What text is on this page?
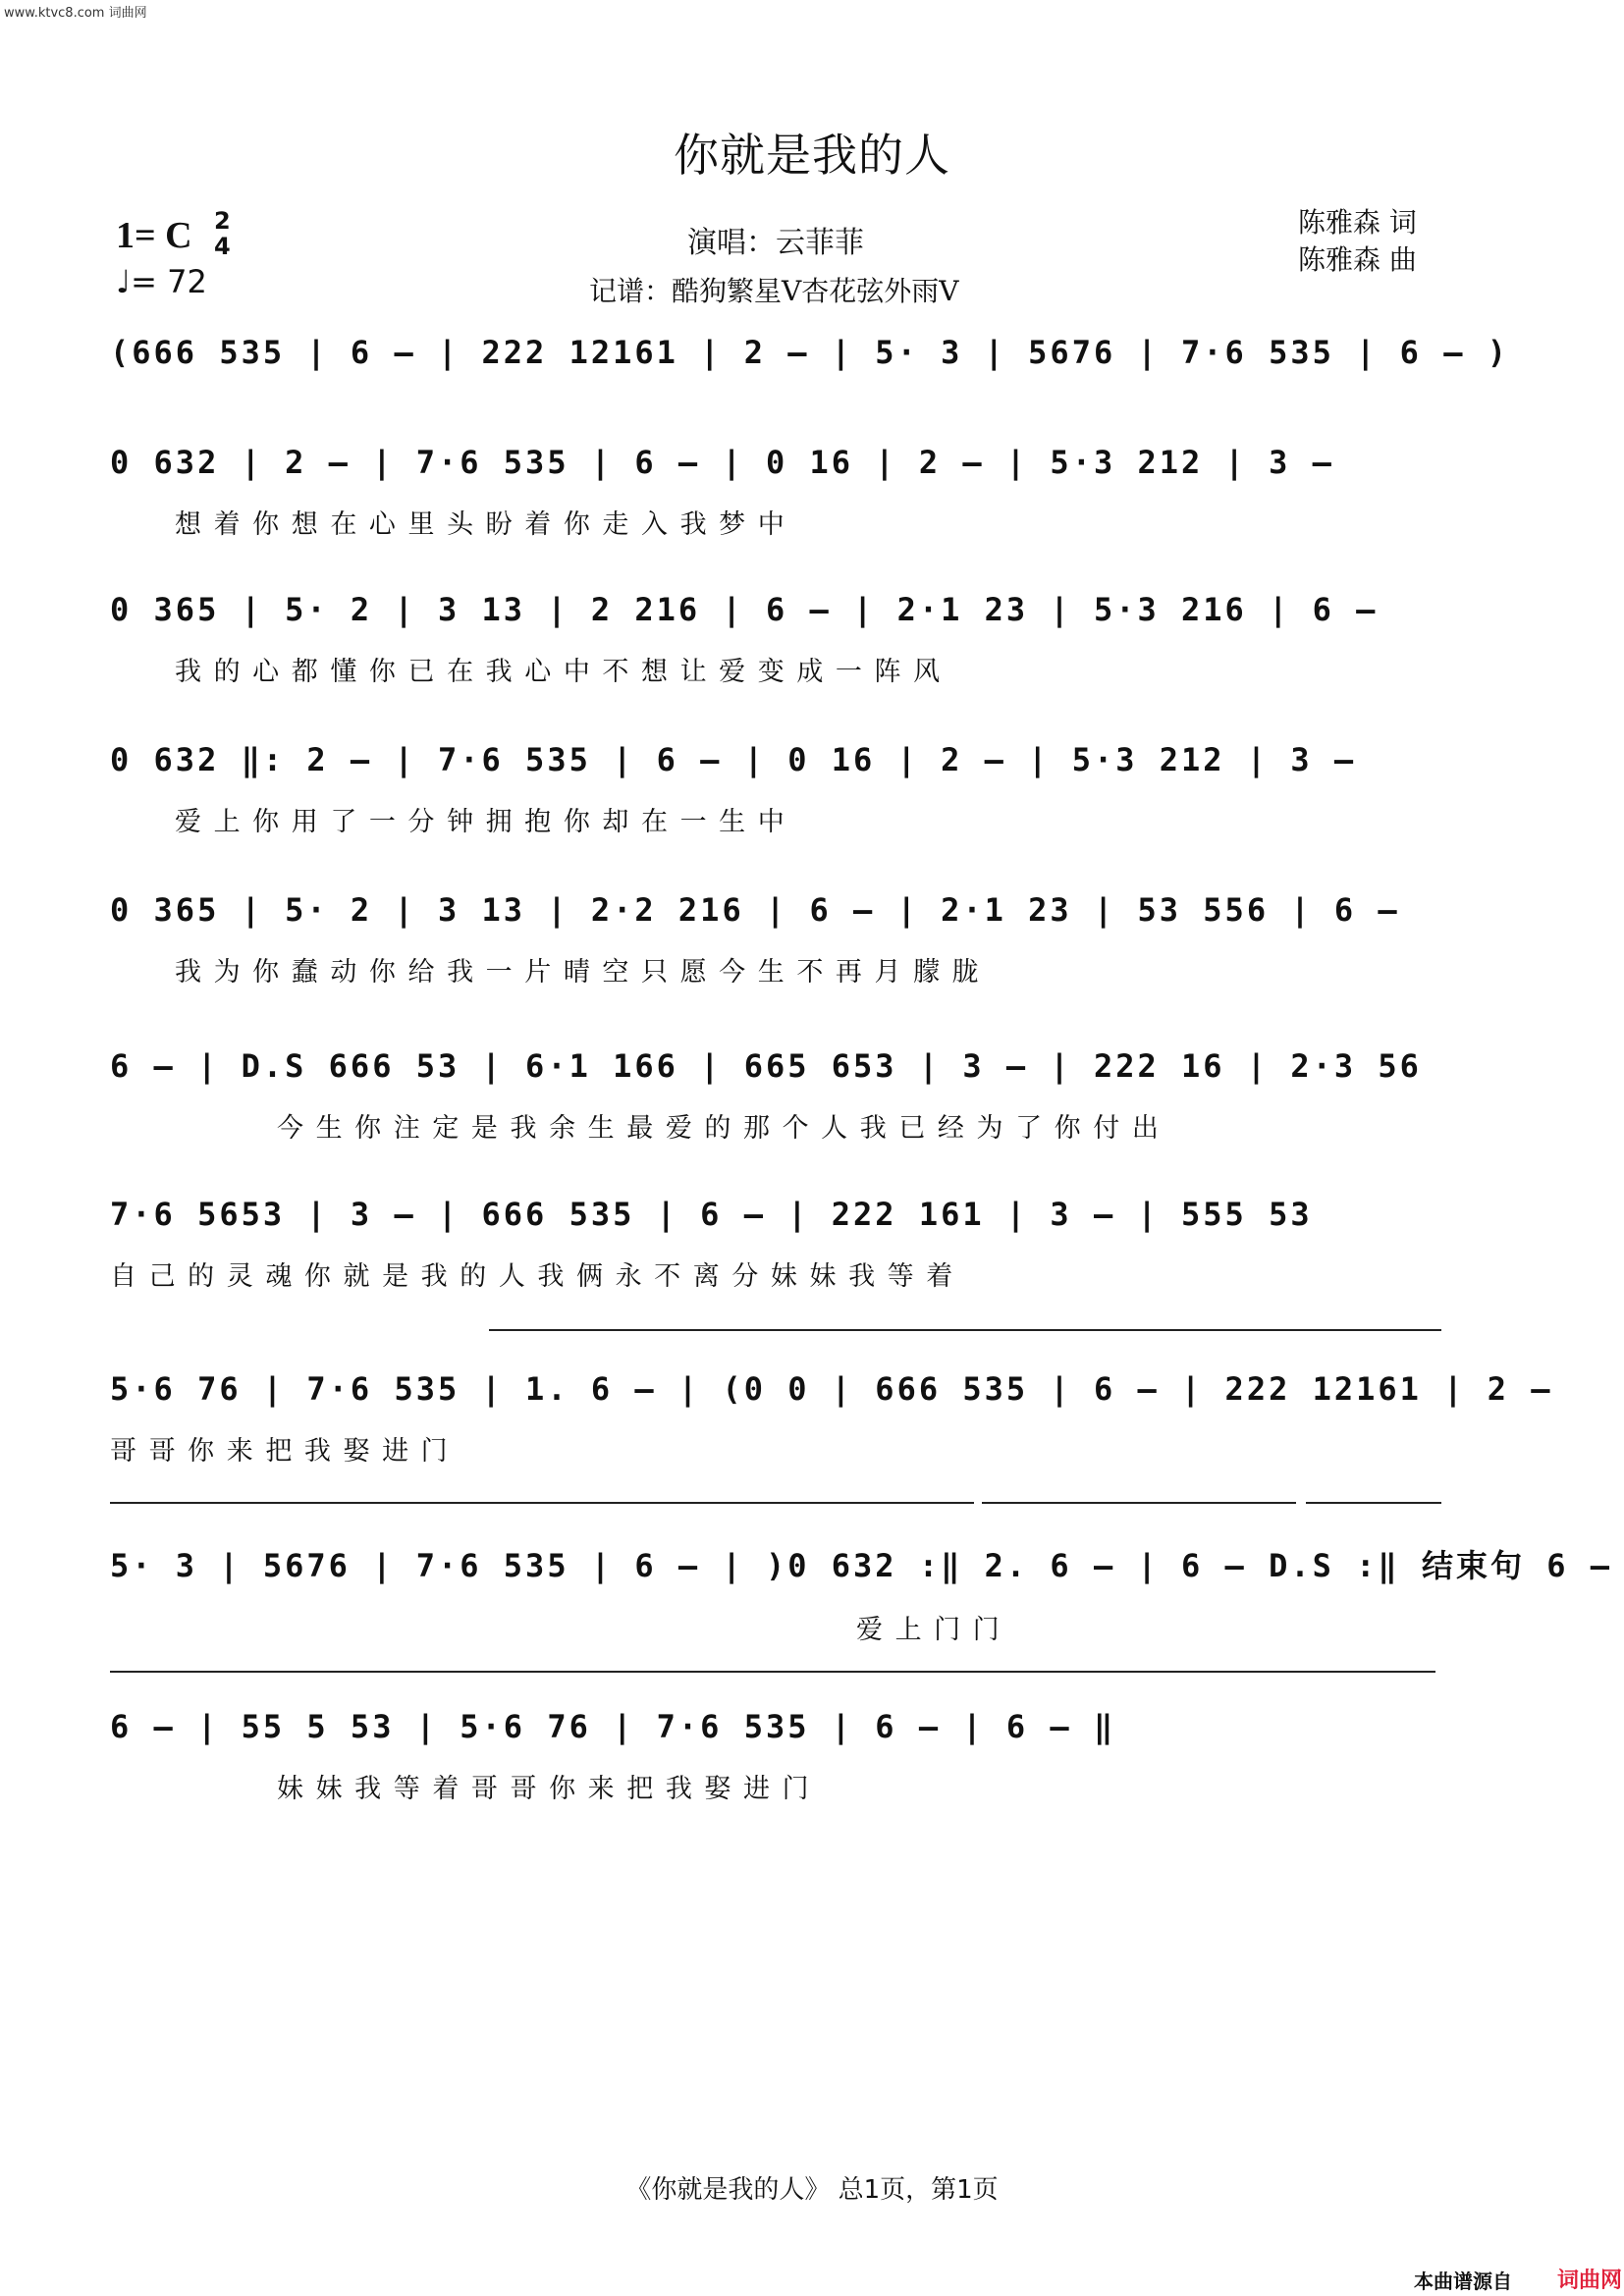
www.ktvc8.com 词曲网
你就是我的人
1= C 2
4
♩= 72
演唱：云菲菲
记谱：酷狗繁星V杏花弦外雨V
陈雅森 词
陈雅森 曲
(666 535 | 6 – | 222 12161 | 2 – | 5· 3 | 5676 | 7·6 535 | 6 – )
0 632 | 2 – | 7·6 535 | 6 – | 0 16 | 2 – | 5·3 212 | 3 –
想 着 你 想 在 心 里 头 盼 着 你 走 入 我 梦 中
0 365 | 5· 2 | 3 13 | 2 216 | 6 – | 2·1 23 | 5·3 216 | 6 –
我 的 心 都 懂 你 已 在 我 心 中 不 想 让 爱 变 成 一 阵 风
0 632 ‖: 2 – | 7·6 535 | 6 – | 0 16 | 2 – | 5·3 212 | 3 –
爱 上 你 用 了 一 分 钟 拥 抱 你 却 在 一 生 中
0 365 | 5· 2 | 3 13 | 2·2 216 | 6 – | 2·1 23 | 53 556 | 6 –
我 为 你 蠢 动 你 给 我 一 片 晴 空 只 愿 今 生 不 再 月 朦 胧
6 – | D.S 666 53 | 6·1 166 | 665 653 | 3 – | 222 16 | 2·3 56
今 生 你 注 定 是 我 余 生 最 爱 的 那 个 人 我 已 经 为 了 你 付 出
7·6 5653 | 3 – | 666 535 | 6 – | 222 161 | 3 – | 555 53
自 己 的 灵 魂 你 就 是 我 的 人 我 俩 永 不 离 分 妹 妹 我 等 着
5·6 76 | 7·6 535 | 1. 6 – | (0 0 | 666 535 | 6 – | 222 12161 | 2 –
哥 哥 你 来 把 我 娶 进 门
5· 3 | 5676 | 7·6 535 | 6 – | )0 632 :‖ 2. 6 – | 6 – D.S :‖ 结束句 6 –
爱 上 门 门
6 – | 55 5 53 | 5·6 76 | 7·6 535 | 6 – | 6 – ‖
妹 妹 我 等 着 哥 哥 你 来 把 我 娶 进 门
《你就是我的人》 总1页，第1页
本曲谱源自 词曲网
